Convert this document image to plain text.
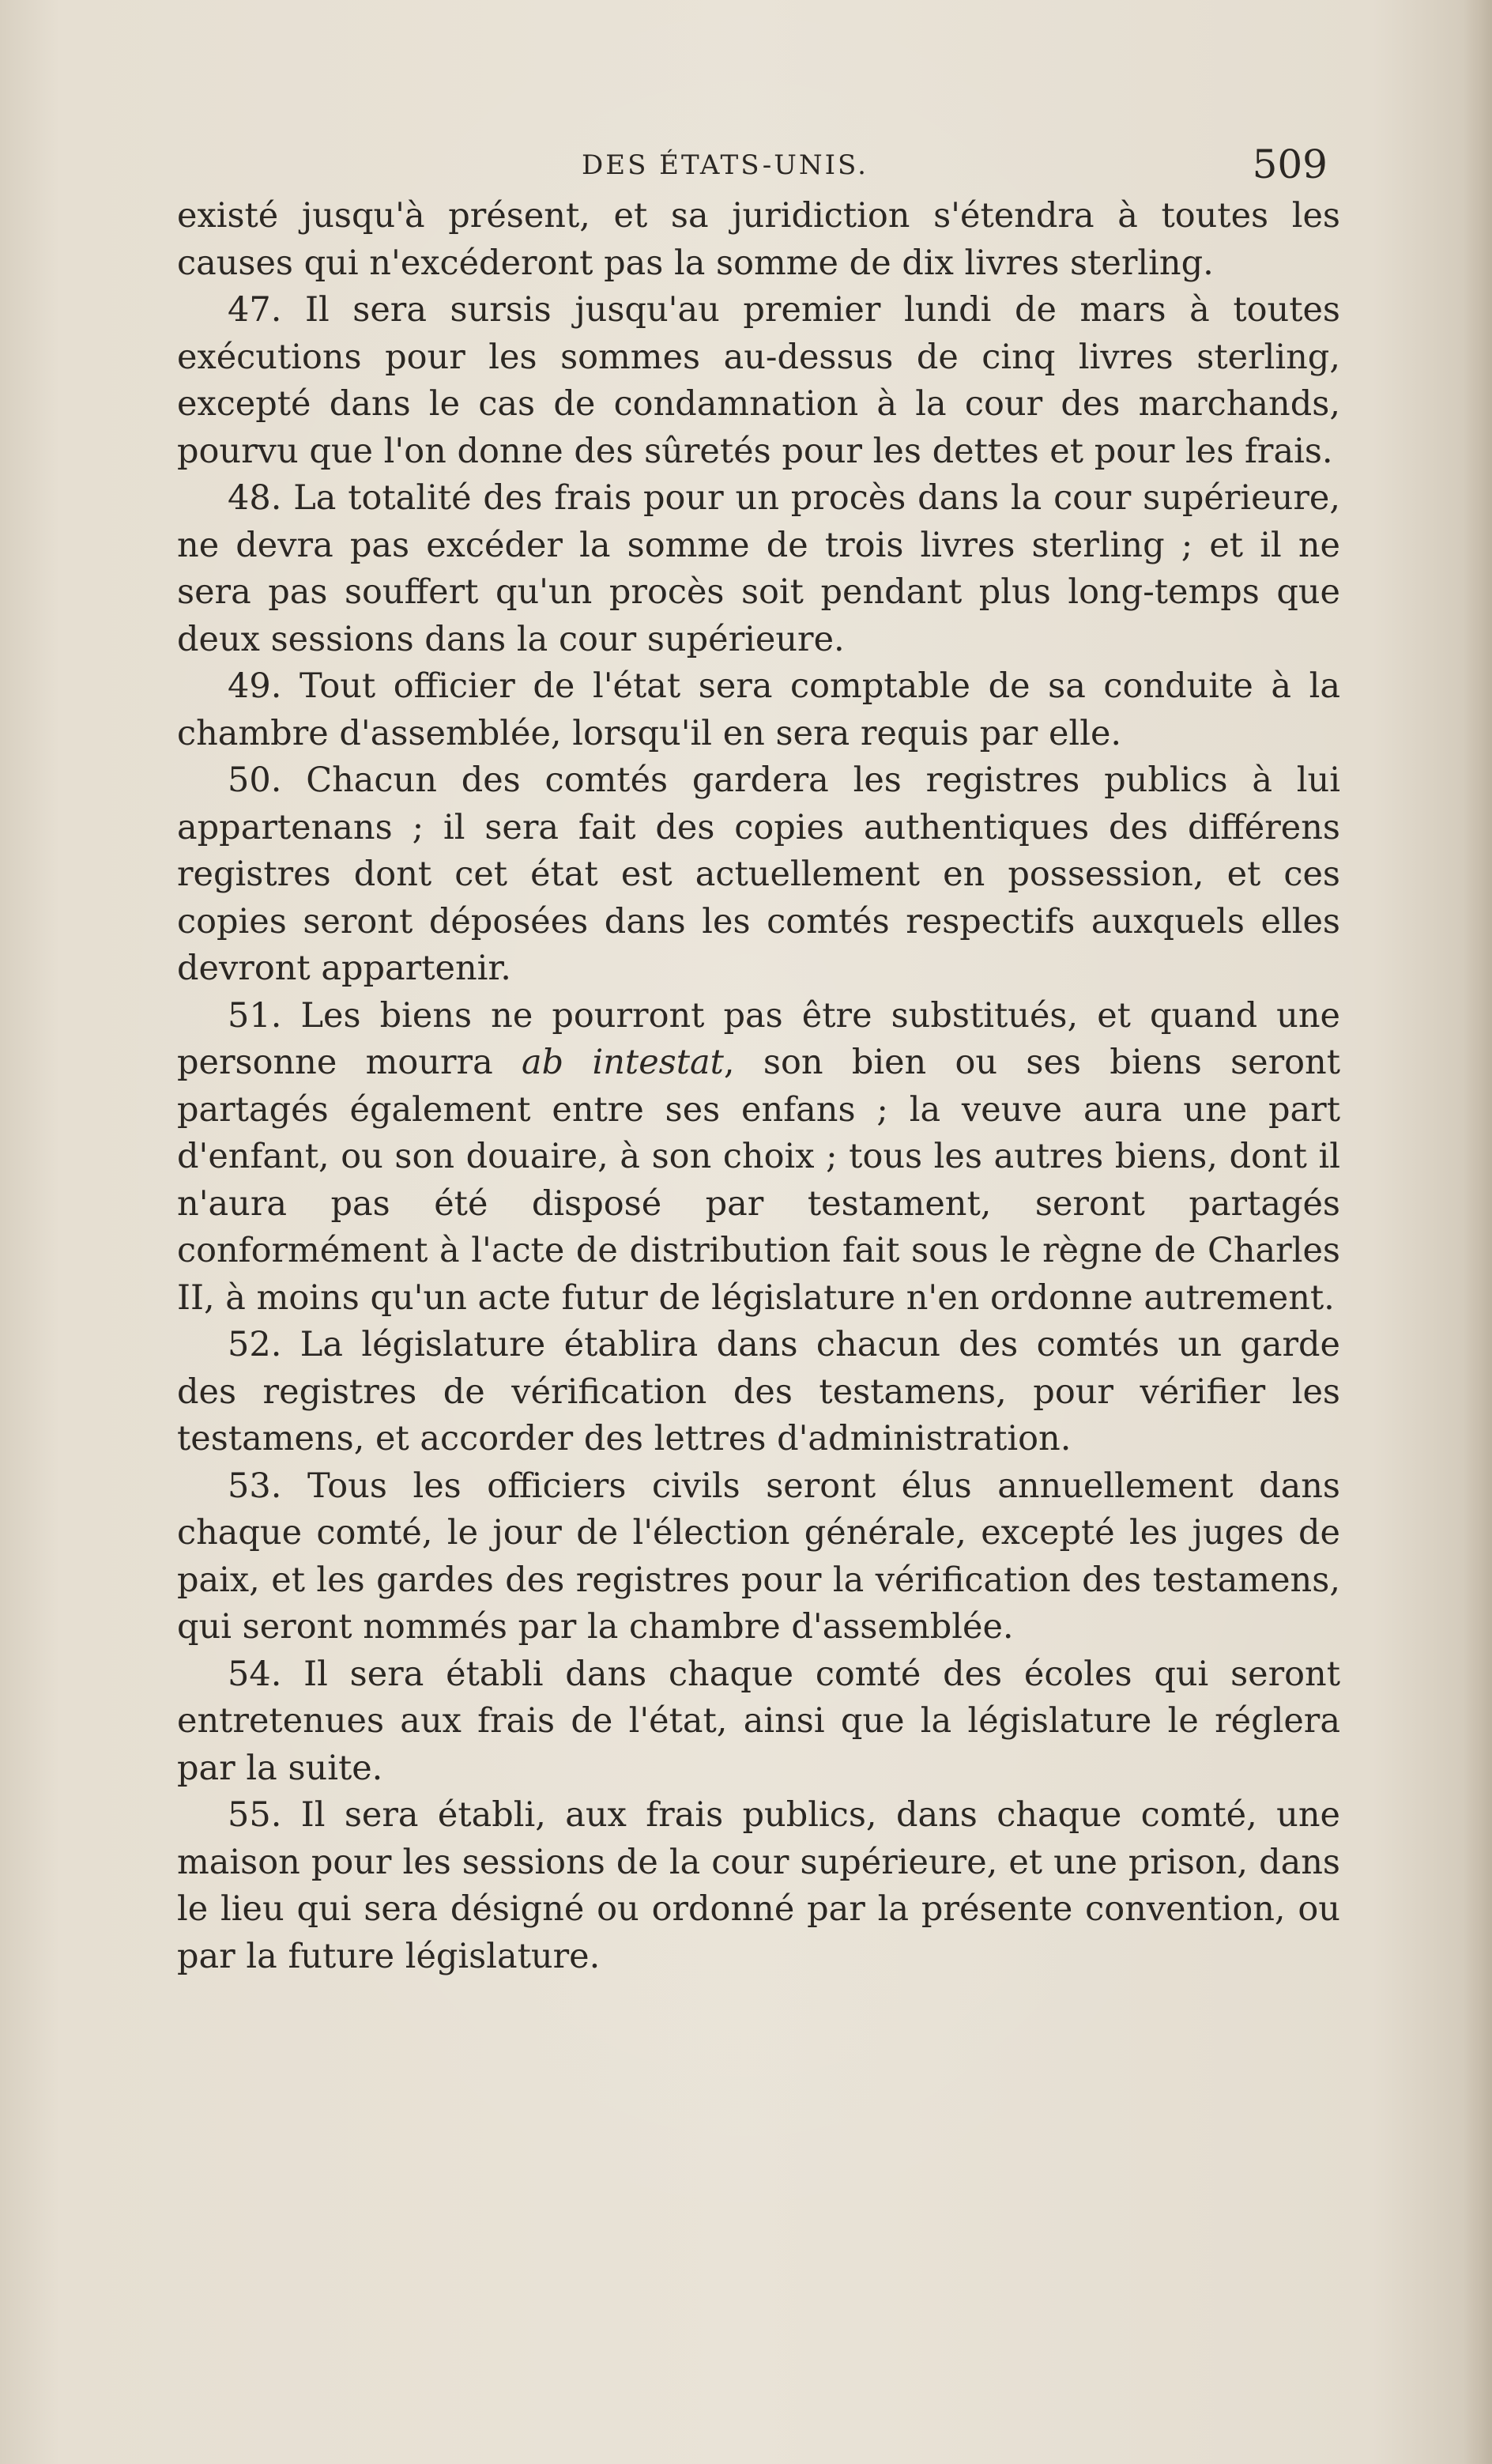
DES ÉTATS-UNIS.	509

existé jusqu'à présent, et sa juridiction s'étendra à toutes les causes qui n'excéderont pas la somme de dix livres sterling.

47. Il sera sursis jusqu'au premier lundi de mars à toutes exécutions pour les sommes au-dessus de cinq livres sterling, excepté dans le cas de condamnation à la cour des marchands, pourvu que l'on donne des sûretés pour les dettes et pour les frais.

48. La totalité des frais pour un procès dans la cour supérieure, ne devra pas excéder la somme de trois livres sterling ; et il ne sera pas souffert qu'un procès soit pendant plus long-temps que deux sessions dans la cour supérieure.

49. Tout officier de l'état sera comptable de sa conduite à la chambre d'assemblée, lorsqu'il en sera requis par elle.

50. Chacun des comtés gardera les registres publics à lui appartenans ; il sera fait des copies authentiques des différens registres dont cet état est actuellement en possession, et ces copies seront déposées dans les comtés respectifs auxquels elles devront appartenir.

51. Les biens ne pourront pas être substitués, et quand une personne mourra ab intestat, son bien ou ses biens seront partagés également entre ses enfans ; la veuve aura une part d'enfant, ou son douaire, à son choix ; tous les autres biens, dont il n'aura pas été disposé par testament, seront partagés conformément à l'acte de distribution fait sous le règne de Charles II, à moins qu'un acte futur de législature n'en ordonne autrement.

52. La législature établira dans chacun des comtés un garde des registres de vérification des testamens, pour vérifier les testamens, et accorder des lettres d'administration.

53. Tous les officiers civils seront élus annuellement dans chaque comté, le jour de l'élection générale, excepté les juges de paix, et les gardes des registres pour la vérification des testamens, qui seront nommés par la chambre d'assemblée.

54. Il sera établi dans chaque comté des écoles qui seront entretenues aux frais de l'état, ainsi que la législature le réglera par la suite.

55. Il sera établi, aux frais publics, dans chaque comté, une maison pour les sessions de la cour supérieure, et une prison, dans le lieu qui sera désigné ou ordonné par la présente convention, ou par la future législature.
